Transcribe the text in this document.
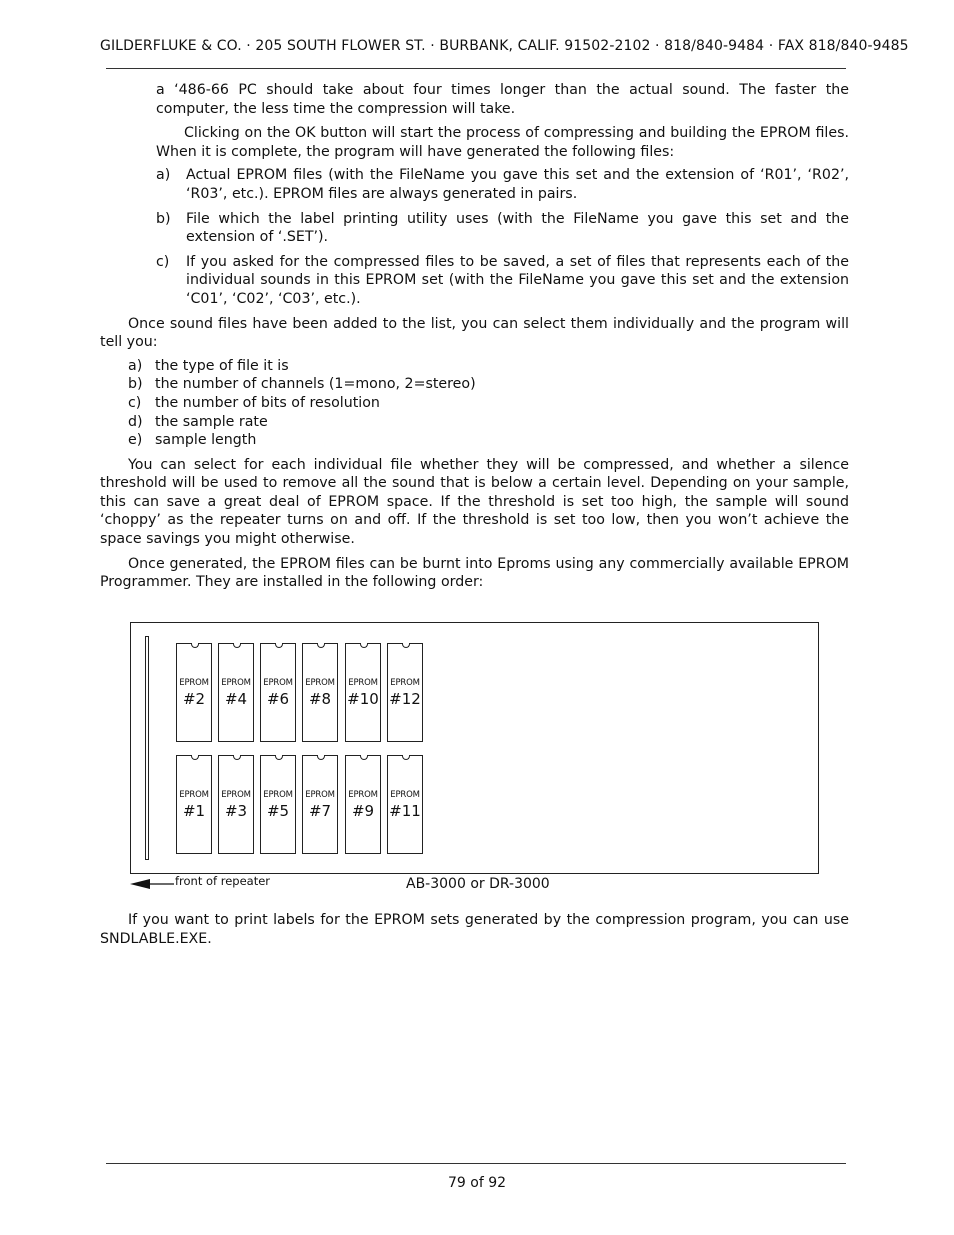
GILDERFLUKE & CO. · 205 SOUTH FLOWER ST. · BURBANK, CALIF. 91502-2102 · 818/840-9484 · FAX 818/840-9485

a ‘486-66 PC should take about four times longer than the actual sound. The faster the computer, the less time the compression will take.

Clicking on the OK button will start the process of compressing and building the EPROM files. When it is complete, the program will have generated the following files:

a)	Actual EPROM files (with the FileName you gave this set and the extension of ‘R01’, ‘R02’, ‘R03’, etc.). EPROM files are always generated in pairs.
b)	File which the label printing utility uses (with the FileName you gave this set and the extension of ‘.SET’).
c)	If you asked for the compressed files to be saved, a set of files that represents each of the individual sounds in this EPROM set (with the FileName you gave this set and the extension ‘C01’, ‘C02’, ‘C03’, etc.).

Once sound files have been added to the list, you can select them individually and the program will tell you:

a) the type of file it is
b) the number of channels (1=mono, 2=stereo)
c) the number of bits of resolution
d) the sample rate
e) sample length

You can select for each individual file whether they will be compressed, and whether a silence threshold will be used to remove all the sound that is below a certain level. Depending on your sample, this can save a great deal of EPROM space. If the threshold is set too high, the sample will sound ‘choppy’ as the repeater turns on and off. If the threshold is set too low, then you won’t achieve the space savings you might otherwise.

Once generated, the EPROM files can be burnt into Eproms using any commercially available EPROM Programmer. They are installed in the following order:

EPROM
#2
EPROM
#4
EPROM
#6
EPROM
#8
EPROM
#10
EPROM
#12
EPROM
#1
EPROM
#3
EPROM
#5
EPROM
#7
EPROM
#9
EPROM
#11
front of repeater	AB-3000 or DR-3000

If you want to print labels for the EPROM sets generated by the compression program, you can use SNDLABLE.EXE.

79 of 92
